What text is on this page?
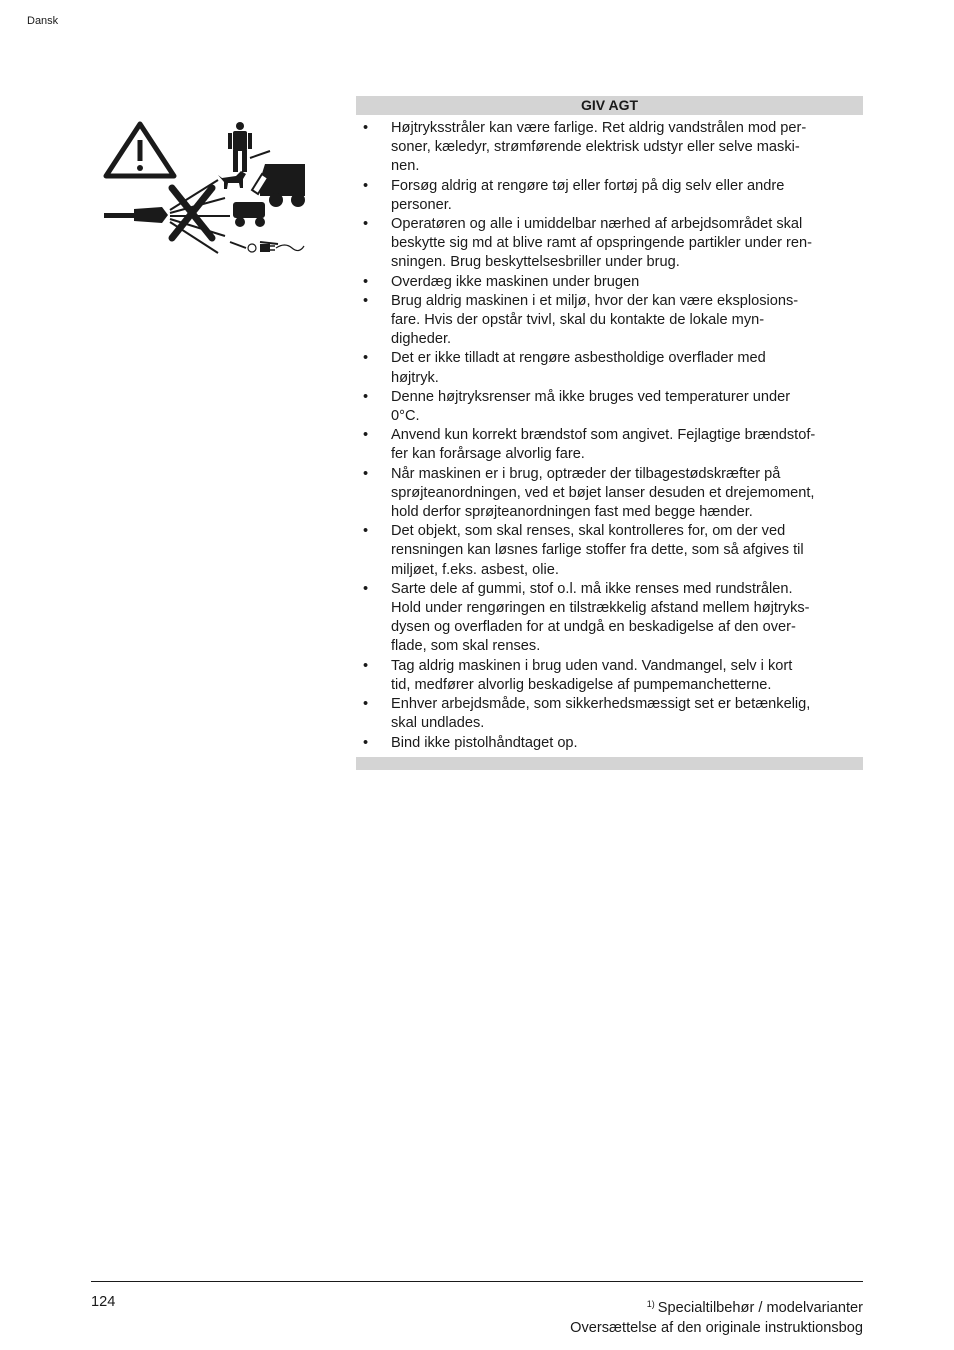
Dansk
GIV AGT
• Højtryksstråler kan være farlige. Ret aldrig vandstrålen mod per-
soner, kæledyr, strømførende elektrisk udstyr eller selve maski-
nen.
• Forsøg aldrig at rengøre tøj eller fortøj på dig selv eller andre
personer.
• Operatøren og alle i umiddelbar nærhed af arbejdsområdet skal
beskytte sig md at blive ramt af opspringende partikler under ren-
sningen. Brug beskyttelsesbriller under brug.
• Overdæg ikke maskinen under brugen
• Brug aldrig maskinen i et miljø, hvor der kan være eksplosions-
fare. Hvis der opstår tvivl, skal du kontakte de lokale myn-
digheder.
• Det er ikke tilladt at rengøre asbestholdige overflader med
højtryk.
• Denne højtryksrenser må ikke bruges ved temperaturer under
0°C.
• Anvend kun korrekt brændstof som angivet. Fejlagtige brændstof-
fer kan forårsage alvorlig fare.
• Når maskinen er i brug, optræder der tilbagestødskræfter på
sprøjteanordningen, ved et bøjet lanser desuden et drejemoment,
hold derfor sprøjteanordningen fast med begge hænder.
• Det objekt, som skal renses, skal kontrolleres for, om der ved
rensningen kan løsnes farlige stoffer fra dette, som så afgives til
miljøet, f.eks. asbest, olie.
• Sarte dele af gummi, stof o.l. må ikke renses med rundstrålen.
Hold under rengøringen en tilstrækkelig afstand mellem højtryks-
dysen og overfladen for at undgå en beskadigelse af den over-
flade, som skal renses.
• Tag aldrig maskinen i brug uden vand. Vandmangel, selv i kort
tid, medfører alvorlig beskadigelse af pumpemanchetterne.
• Enhver arbejdsmåde, som sikkerhedsmæssigt set er betænkelig,
skal undlades.
• Bind ikke pistolhåndtaget op.
124	$^{1)}$ Specialtilbehør / modelvarianter
Oversættelse af den originale instruktionsbog
